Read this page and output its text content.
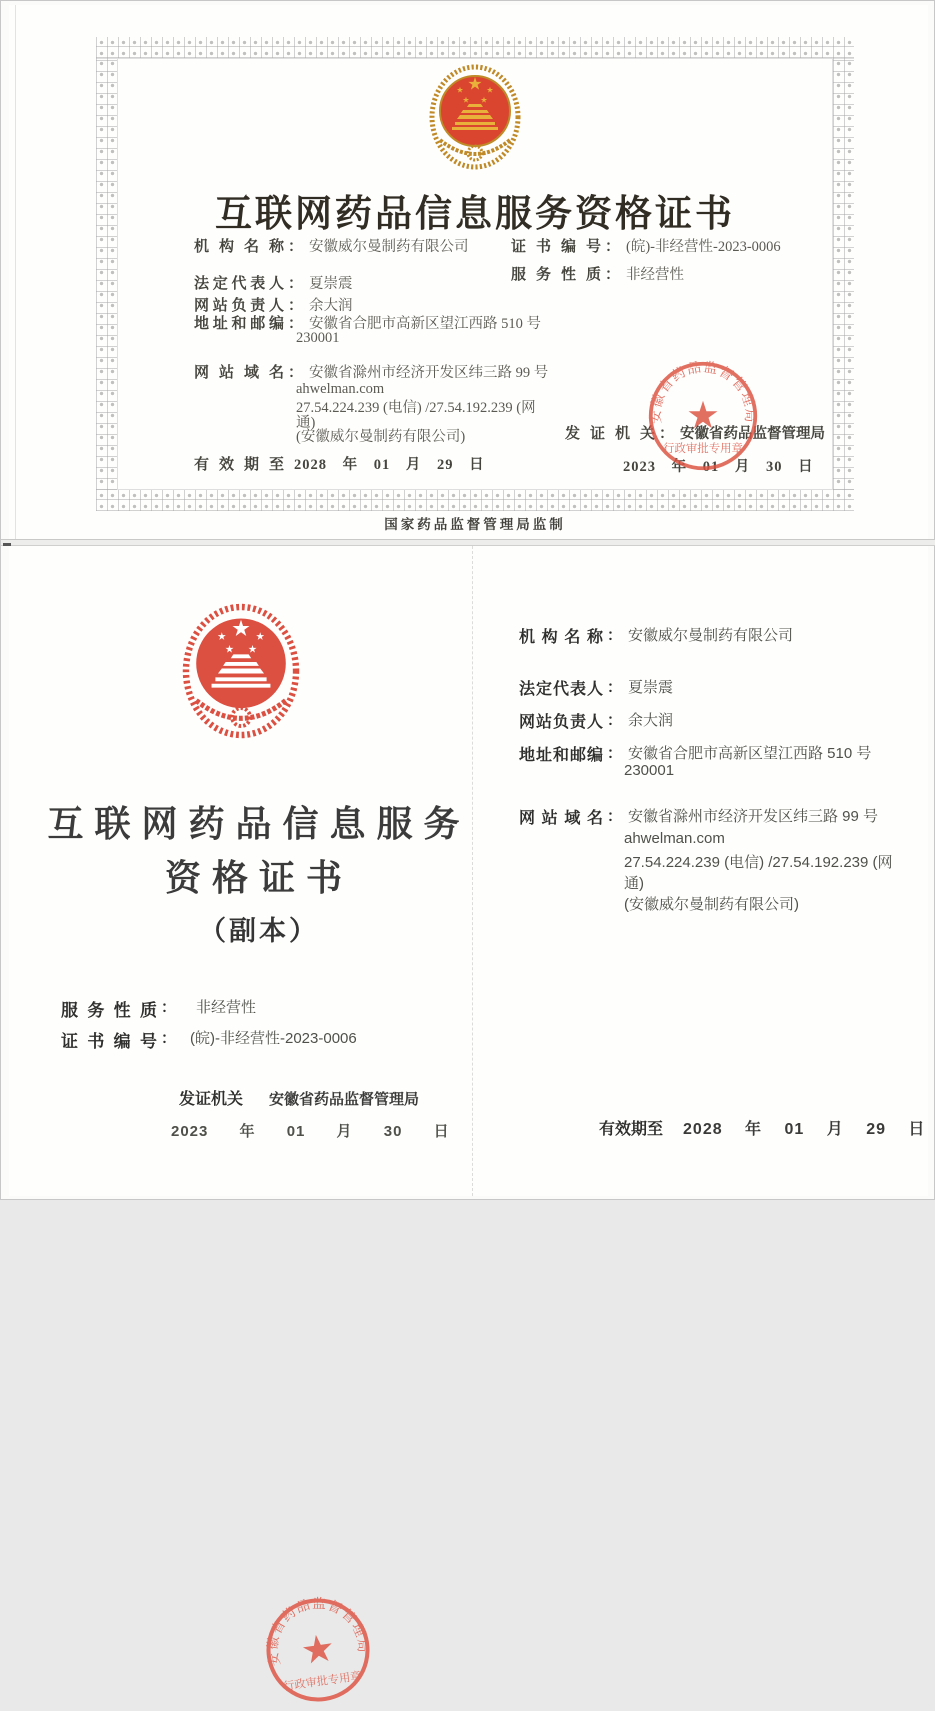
互联网药品信息服务资格证书
机构名称 ： 安徽威尔曼制药有限公司
法定代表人 ： 夏崇震
网站负责人 ： 余大润
地址和邮编 ： 安徽省合肥市高新区望江西路 510 号
230001
网站域名 ： 安徽省滁州市经济开发区纬三路 99 号
ahwelman.com
27.54.224.239 (电信) /27.54.192.239 (网
通)
(安徽威尔曼制药有限公司)
有效期至 2028 年 01 月 29 日
证书编号 ： (皖)-非经营性-2023-0006
服务性质 ： 非经营性
发证机关 ： 安徽省药品监督管理局
2023 年 01 月 30 日
国家药品监督管理局监制
安徽省药品监督管理局
行政审批专用章
互联网药品信息服务
资格证书
（副本）
服务性质 ： 非经营性
证书编号 ： (皖)-非经营性-2023-0006
发证机关 安徽省药品监督管理局
2023 年 01 月 30 日
安徽省药品监督管理局
行政审批专用章
机构名称 ： 安徽威尔曼制药有限公司
法定代表人 ： 夏崇震
网站负责人 ： 余大润
地址和邮编 ： 安徽省合肥市高新区望江西路 510 号
230001
网站域名 ： 安徽省滁州市经济开发区纬三路 99 号
ahwelman.com
27.54.224.239 (电信) /27.54.192.239 (网
通)
(安徽威尔曼制药有限公司)
有效期至 2028 年 01 月 29 日
